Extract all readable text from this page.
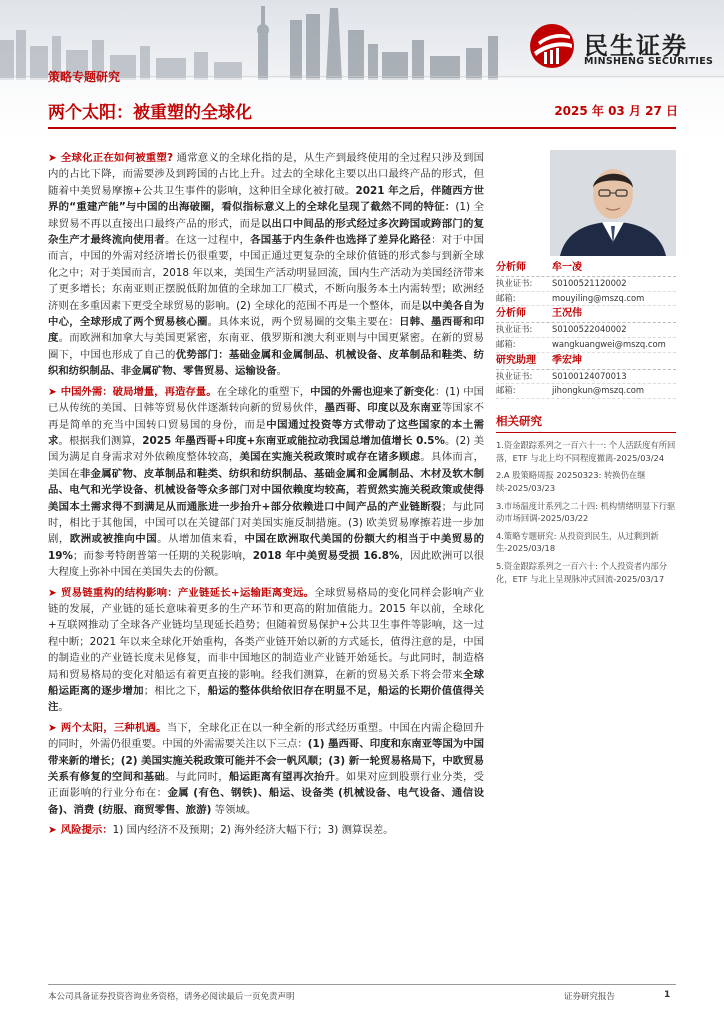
民生证券
MINSHENG SECURITIES
策略专题研究
两个太阳：被重塑的全球化	2025 年 03 月 27 日

➤ 全球化正在如何被重塑? 通常意义的全球化指的是，从生产到最终使用的全过程只涉及到国内的占比下降，而需要涉及到跨国的占比上升。过去的全球化主要以出口最终产品的形式，但随着中美贸易摩擦+公共卫生事件的影响，这种旧全球化被打破。2021 年之后，伴随西方世界的“重建产能”与中国的出海破圈，看似指标意义上的全球化呈现了截然不同的特征：(1) 全球贸易不再以直接出口最终产品的形式，而是以出口中间品的形式经过多次跨国或跨部门的复杂生产才最终流向使用者。在这一过程中，各国基于内生条件也选择了差异化路径：对于中国而言，中国的外需对经济增长仍很重要，中国正通过更复杂的全球价值链的形式参与到新全球化之中；对于美国而言，2018 年以来，美国生产活动明显回流，国内生产活动为美国经济带来了更多增长；东南亚则正摆脱低附加值的全球加工厂模式，不断向服务本土内需转型；欧洲经济则在多重因素下更受全球贸易的影响。(2) 全球化的范围不再是一个整体，而是以中美各自为中心，全球形成了两个贸易核心圈。具体来说，两个贸易圈的交集主要在：日韩、墨西哥和印度。而欧洲和加拿大与美国更紧密，东南亚、俄罗斯和澳大利亚则与中国更紧密。在新的贸易圈下，中国也形成了自己的优势部门：基础金属和金属制品、机械设备、皮革制品和鞋类、纺织和纺织制品、非金属矿物、零售贸易、运输设备。

➤ 中国外需：破局增量，再造存量。在全球化的重塑下，中国的外需也迎来了新变化：(1) 中国已从传统的美国、日韩等贸易伙伴逐渐转向新的贸易伙伴，墨西哥、印度以及东南亚等国家不再是简单的充当中国转口贸易国的身份，而是中国通过投资等方式带动了这些国家的本土需求。根据我们测算，2025 年墨西哥+印度+东南亚或能拉动我国总增加值增长 0.5%。(2) 美国为满足自身需求对外依赖度整体较高，美国在实施关税政策时或存在诸多顾虑。具体而言，美国在非金属矿物、皮革制品和鞋类、纺织和纺织制品、基础金属和金属制品、木材及软木制品、电气和光学设备、机械设备等众多部门对中国依赖度均较高，若贸然实施关税政策或使得美国本土需求得不到满足从而通胀进一步抬升+部分依赖进口中间产品的产业链断裂；与此同时，相比于其他国，中国可以在关键部门对美国实施反制措施。(3) 欧美贸易摩擦若进一步加剧，欧洲或被推向中国。从增加值来看，中国在欧洲取代美国的份额大约相当于中美贸易的 19%；而参考特朗普第一任期的关税影响，2018 年中美贸易受损 16.8%，因此欧洲可以很大程度上弥补中国在美国失去的份额。

➤ 贸易链重构的结构影响：产业链延长+运输距离变远。全球贸易格局的变化同样会影响产业链的发展，产业链的延长意味着更多的生产环节和更高的附加值能力。2015 年以前，全球化+互联网推动了全球各产业链均呈现延长趋势；但随着贸易保护+公共卫生事件等影响，这一过程中断；2021 年以来全球化开始重构，各类产业链开始以新的方式延长，值得注意的是，中国的制造业的产业链长度未见修复，而非中国地区的制造业产业链开始延长。与此同时，制造格局和贸易格局的变化对船运有着更直接的影响。经我们测算，在新的贸易关系下将会带来全球船运距离的逐步增加；相比之下，船运的整体供给依旧存在明显不足，船运的长期价值值得关注。

➤ 两个太阳，三种机遇。当下，全球化正在以一种全新的形式经历重塑。中国在内需企稳回升的同时，外需仍很重要。中国的外需需要关注以下三点：(1) 墨西哥、印度和东南亚等国为中国带来新的增长；(2) 美国实施关税政策可能并不会一帆风顺；(3) 新一轮贸易格局下，中欧贸易关系有修复的空间和基础。与此同时，船运距离有望再次抬升。如果对应到股票行业分类，受正面影响的行业分布在：金属 (有色、钢铁)、船运、设备类 (机械设备、电气设备、通信设备)、消费 (纺服、商贸零售、旅游) 等领域。

➤ 风险提示：1) 国内经济不及预期；2) 海外经济大幅下行；3) 测算误差。

分析师	牟一凌
执业证书:	S0100521120002
邮箱:	mouyiling@mszq.com
分析师	王况伟
执业证书:	S0100522040002
邮箱:	wangkuangwei@mszq.com
研究助理	季宏坤
执业证书:	S0100124070013
邮箱:	jihongkun@mszq.com
相关研究
1.资金跟踪系列之一百六十一: 个人活跃度有所回落，ETF 与北上均不同程度撤离-2025/03/24
2.A 股策略周报 20250323: 转换仍在继续-2025/03/23
3.市场温度计系列之二十四: 机构情绪明显下行驱动市场回调-2025/03/22
4.策略专题研究: 从投资到民生，从过剩到新生-2025/03/18
5.资金跟踪系列之一百六十: 个人投资者内部分化，ETF 与北上呈现脉冲式回流-2025/03/17
本公司具备证券投资咨询业务资格，请务必阅读最后一页免责声明	证券研究报告	1
